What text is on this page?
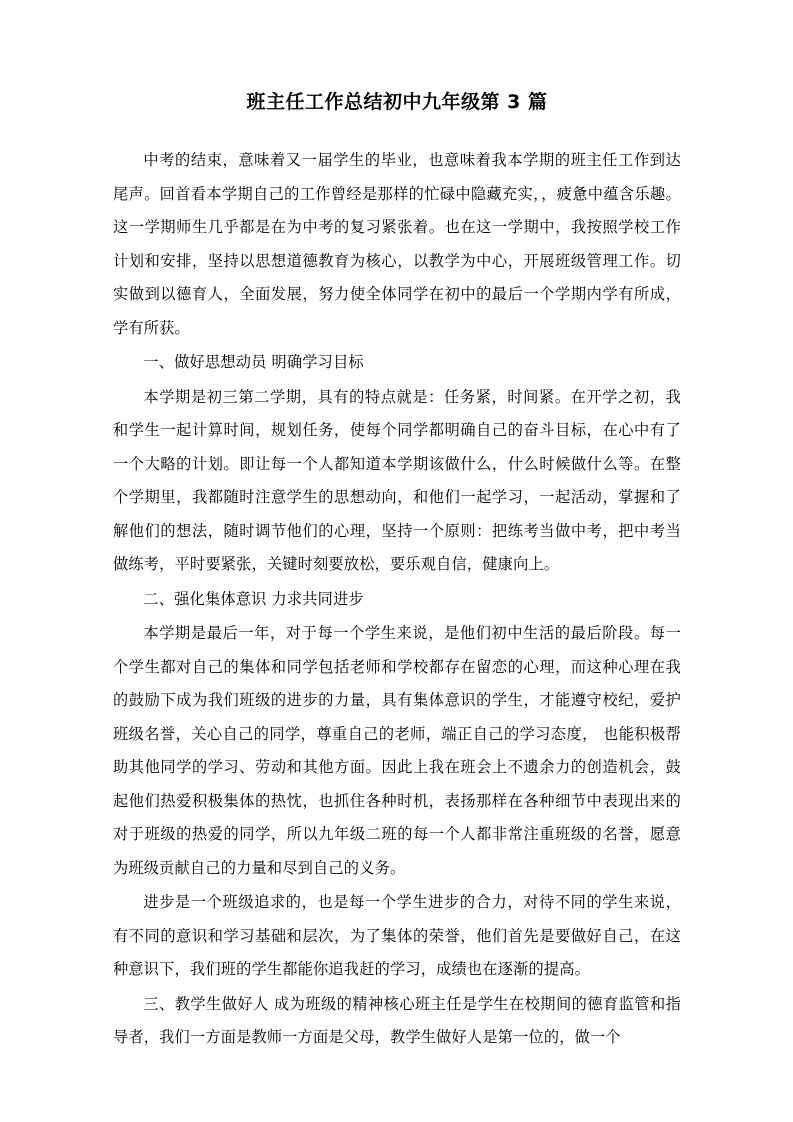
班主任工作总结初中九年级第 3 篇

中考的结束，意味着又一届学生的毕业，也意味着我本学期的班主任工作到达尾声。回首看本学期自己的工作曾经是那样的忙碌中隐藏充实，，疲惫中蕴含乐趣。这一学期师生几乎都是在为中考的复习紧张着。也在这一学期中，我按照学校工作计划和安排，坚持以思想道德教育为核心，以教学为中心，开展班级管理工作。切实做到以德育人，全面发展，努力使全体同学在初中的最后一个学期内学有所成，学有所获。

一、做好思想动员 明确学习目标

本学期是初三第二学期，具有的特点就是：任务紧，时间紧。在开学之初，我和学生一起计算时间，规划任务，使每个同学都明确自己的奋斗目标，在心中有了一个大略的计划。即让每一个人都知道本学期该做什么，什么时候做什么等。在整个学期里，我都随时注意学生的思想动向，和他们一起学习，一起活动，掌握和了解他们的想法，随时调节他们的心理，坚持一个原则：把练考当做中考，把中考当做练考，平时要紧张，关键时刻要放松，要乐观自信，健康向上。

二、强化集体意识 力求共同进步

本学期是最后一年，对于每一个学生来说，是他们初中生活的最后阶段。每一个学生都对自己的集体和同学包括老师和学校都存在留恋的心理，而这种心理在我的鼓励下成为我们班级的进步的力量，具有集体意识的学生，才能遵守校纪，爱护班级名誉，关心自己的同学，尊重自己的老师，端正自己的学习态度， 也能积极帮助其他同学的学习、劳动和其他方面。因此上我在班会上不遗余力的创造机会，鼓起他们热爱积极集体的热忱，也抓住各种时机，表扬那样在各种细节中表现出来的对于班级的热爱的同学，所以九年级二班的每一个人都非常注重班级的名誉，愿意为班级贡献自己的力量和尽到自己的义务。

进步是一个班级追求的，也是每一个学生进步的合力，对待不同的学生来说，有不同的意识和学习基础和层次，为了集体的荣誉，他们首先是要做好自己，在这种意识下，我们班的学生都能你追我赶的学习，成绩也在逐渐的提高。

三、教学生做好人 成为班级的精神核心班主任是学生在校期间的德育监管和指导者，我们一方面是教师一方面是父母，教学生做好人是第一位的，做一个
